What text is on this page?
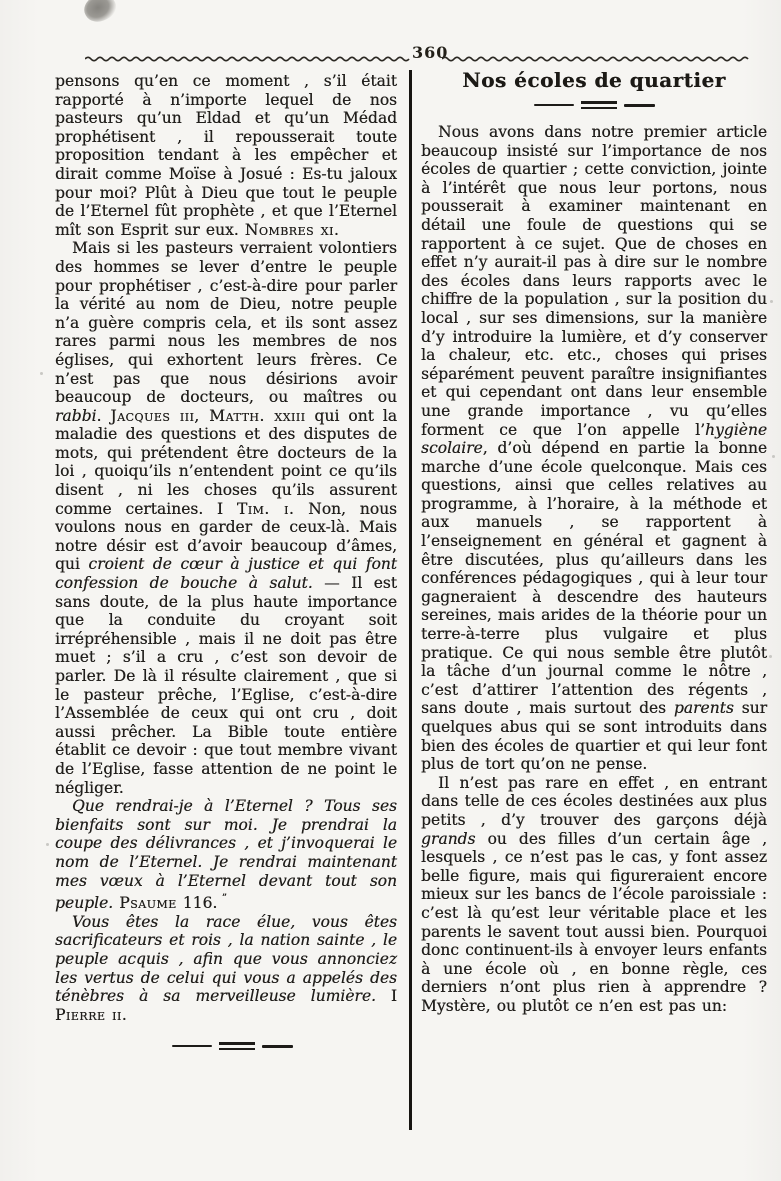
360

pensons qu’en ce moment , s’il était rapporté à n’importe lequel de nos pasteurs qu’un Eldad et qu’un Médad prophétisent , il repousserait toute proposition tendant à les empêcher et dirait comme Moïse à Josué : Es-tu jaloux pour moi? Plût à Dieu que tout le peuple de l’Eternel fût prophète , et que l’Eternel mît son Esprit sur eux. Nombres xi.

Mais si les pasteurs verraient volontiers des hommes se lever d’entre le peuple pour prophétiser , c’est-à-dire pour parler la vérité au nom de Dieu, notre peuple n’a guère compris cela, et ils sont assez rares parmi nous les membres de nos églises, qui exhortent leurs frères. Ce n’est pas que nous désirions avoir beaucoup de docteurs, ou maîtres ou rabbi. Jacques iii, Matth. xxiii qui ont la maladie des questions et des disputes de mots, qui prétendent être docteurs de la loi , quoiqu’ils n’entendent point ce qu’ils disent , ni les choses qu’ils assurent comme certaines. I Tim. i. Non, nous voulons nous en garder de ceux-là. Mais notre désir est d’avoir beaucoup d’âmes, qui croient de cœur à justice et qui font confession de bouche à salut. — Il est sans doute, de la plus haute importance que la conduite du croyant soit irrépréhensible , mais il ne doit pas être muet ; s’il a cru , c’est son devoir de parler. De là il résulte clairement , que si le pasteur prêche, l’Eglise, c’est-à-dire l’Assemblée de ceux qui ont cru , doit aussi prêcher. La Bible toute entière établit ce devoir : que tout membre vivant de l’Eglise, fasse attention de ne point le négliger.

Que rendrai-je à l’Eternel ? Tous ses bienfaits sont sur moi. Je prendrai la coupe des délivrances , et j’invoquerai le nom de l’Eternel. Je rendrai maintenant mes vœux à l’Eternel devant tout son peuple. Psaume 116. ”

Vous êtes la race élue, vous êtes sacrificateurs et rois , la nation sainte , le peuple acquis , afin que vous annonciez les vertus de celui qui vous a appelés des ténèbres à sa merveilleuse lumière. I Pierre ii.

Nos écoles de quartier

Nous avons dans notre premier article beaucoup insisté sur l’importance de nos écoles de quartier ; cette conviction, jointe à l’intérêt que nous leur portons, nous pousserait à examiner maintenant en détail une foule de questions qui se rapportent à ce sujet. Que de choses en effet n’y aurait-il pas à dire sur le nombre des écoles dans leurs rapports avec le chiffre de la population , sur la position du local , sur ses dimensions, sur la manière d’y introduire la lumière, et d’y conserver la chaleur, etc. etc., choses qui prises séparément peuvent paraître insignifiantes et qui cependant ont dans leur ensemble une grande importance , vu qu’elles forment ce que l’on appelle l’hygiène scolaire, d’où dépend en partie la bonne marche d’une école quelconque. Mais ces questions, ainsi que celles relatives au programme, à l’horaire, à la méthode et aux manuels , se rapportent à l’enseignement en général et gagnent à être discutées, plus qu’ailleurs dans les conférences pédagogiques , qui à leur tour gagneraient à descendre des hauteurs sereines, mais arides de la théorie pour un terre-à-terre plus vulgaire et plus pratique. Ce qui nous semble être plutôt la tâche d’un journal comme le nôtre , c’est d’attirer l’attention des régents , sans doute , mais surtout des parents sur quelques abus qui se sont introduits dans bien des écoles de quartier et qui leur font plus de tort qu’on ne pense.

Il n’est pas rare en effet , en entrant dans telle de ces écoles destinées aux plus petits , d’y trouver des garçons déjà grands ou des filles d’un certain âge , lesquels , ce n’est pas le cas, y font assez belle figure, mais qui figureraient encore mieux sur les bancs de l’école paroissiale : c’est là qu’est leur véritable place et les parents le savent tout aussi bien. Pourquoi donc continuent-ils à envoyer leurs enfants à une école où , en bonne règle, ces derniers n’ont plus rien à apprendre ? Mystère, ou plutôt ce n’en est pas un:
